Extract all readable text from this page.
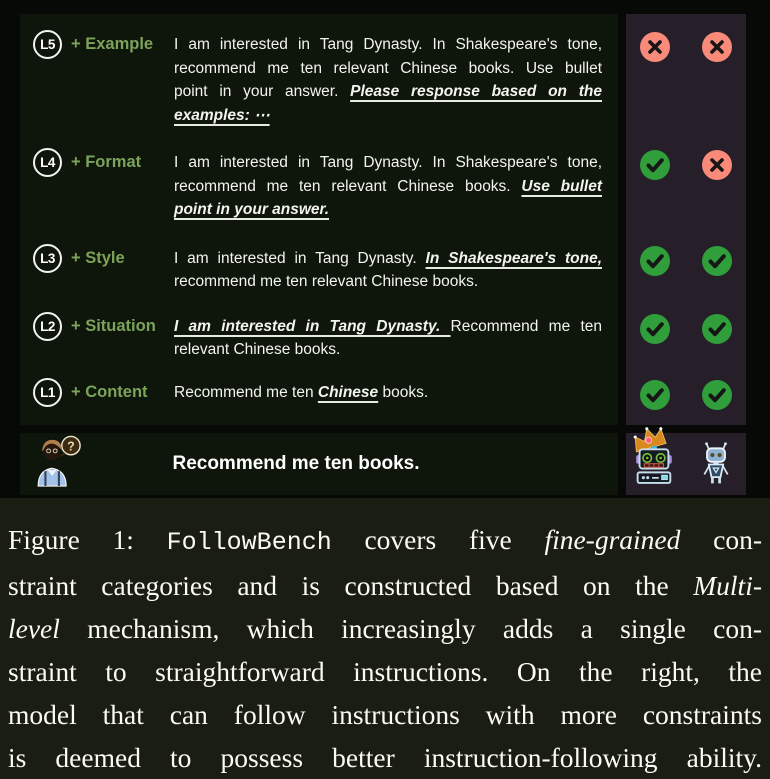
L5 + Example	I am interested in Tang Dynasty. In Shakespeare's tone,
recommend me ten relevant Chinese books. Use bullet
point in your answer. Please response based on the
examples: ⋯
L4 + Format	I am interested in Tang Dynasty. In Shakespeare's tone,
recommend me ten relevant Chinese books. Use bullet
point in your answer.
L3 + Style	I am interested in Tang Dynasty. In Shakespeare's tone,
recommend me ten relevant Chinese books.
L2 + Situation	I am interested in Tang Dynasty. Recommend me ten
relevant Chinese books.
L1 + Content	Recommend me ten Chinese books.
?
Recommend me ten books.
Figure 1: FollowBench covers five fine-grained con-
straint categories and is constructed based on the Multi-
level mechanism, which increasingly adds a single con-
straint to straightforward instructions. On the right, the
model that can follow instructions with more constraints
is deemed to possess better instruction-following ability.
